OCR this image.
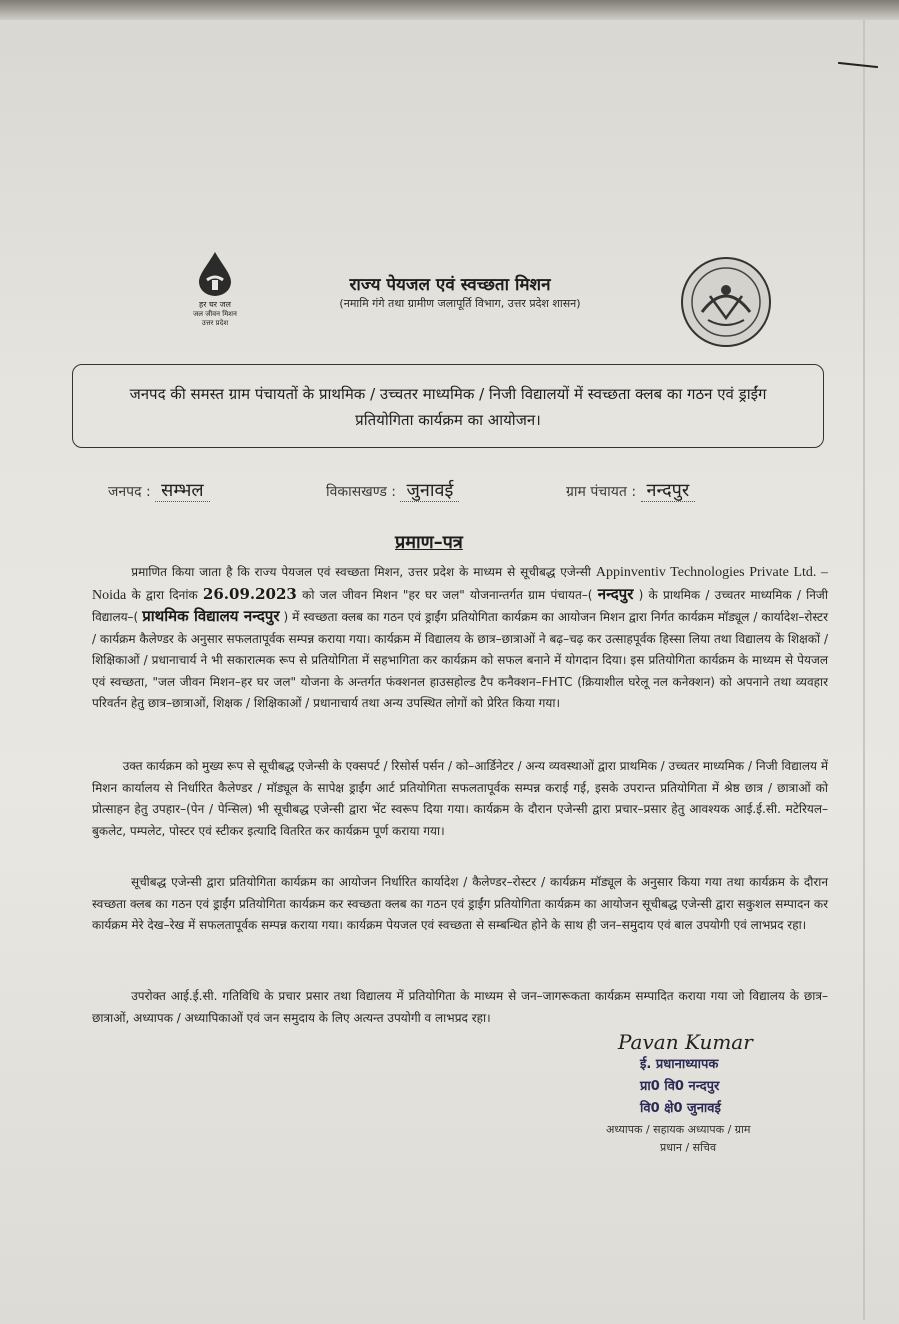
हर घर जल
जल जीवन मिशन
उत्तर प्रदेश
राज्य पेयजल एवं स्वच्छता मिशन
(नमामि गंगे तथा ग्रामीण जलापूर्ति विभाग, उत्तर प्रदेश शासन)
जनपद की समस्त ग्राम पंचायतों के प्राथमिक / उच्चतर माध्यमिक / निजी विद्यालयों में स्वच्छता क्लब का गठन एवं ड्राईंग प्रतियोगिता कार्यक्रम का आयोजन।
जनपद : सम्भल	विकासखण्ड : जुनावई	ग्राम पंचायत : नन्दपुर
प्रमाण–पत्र
प्रमाणित किया जाता है कि राज्य पेयजल एवं स्वच्छता मिशन, उत्तर प्रदेश के माध्यम से सूचीबद्ध एजेन्सी Appinventiv Technologies Private Ltd. – Noida के द्वारा दिनांक 26.09.2023 को जल जीवन मिशन "हर घर जल" योजनान्तर्गत ग्राम पंचायत–( नन्दपुर ) के प्राथमिक / उच्चतर माध्यमिक / निजी विद्यालय–( प्राथमिक विद्यालय नन्दपुर ) में स्वच्छता क्लब का गठन एवं ड्राईंग प्रतियोगिता कार्यक्रम का आयोजन मिशन द्वारा निर्गत कार्यक्रम मॉड्यूल / कार्यादेश–रोस्टर / कार्यक्रम कैलेण्डर के अनुसार सफलतापूर्वक सम्पन्न कराया गया। कार्यक्रम में विद्यालय के छात्र–छात्राओं ने बढ़–चढ़ कर उत्साहपूर्वक हिस्सा लिया तथा विद्यालय के शिक्षकों / शिक्षिकाओं / प्रधानाचार्य ने भी सकारात्मक रूप से प्रतियोगिता में सहभागिता कर कार्यक्रम को सफल बनाने में योगदान दिया। इस प्रतियोगिता कार्यक्रम के माध्यम से पेयजल एवं स्वच्छता, "जल जीवन मिशन–हर घर जल" योजना के अन्तर्गत फंक्शनल हाउसहोल्ड टैप कनैक्शन–FHTC (क्रियाशील घरेलू नल कनेक्शन) को अपनाने तथा व्यवहार परिवर्तन हेतु छात्र–छात्राओं, शिक्षक / शिक्षिकाओं / प्रधानाचार्य तथा अन्य उपस्थित लोगों को प्रेरित किया गया।
उक्त कार्यक्रम को मुख्य रूप से सूचीबद्ध एजेन्सी के एक्सपर्ट / रिसोर्स पर्सन / को–आर्डिनेटर / अन्य व्यवस्थाओं द्वारा प्राथमिक / उच्चतर माध्यमिक / निजी विद्यालय में मिशन कार्यालय से निर्धारित कैलेण्डर / मॉड्यूल के सापेक्ष ड्राईंग आर्ट प्रतियोगिता सफलतापूर्वक सम्पन्न कराई गई, इसके उपरान्त प्रतियोगिता में श्रेष्ठ छात्र / छात्राओं को प्रोत्साहन हेतु उपहार–(पेन / पेन्सिल) भी सूचीबद्ध एजेन्सी द्वारा भेंट स्वरूप दिया गया। कार्यक्रम के दौरान एजेन्सी द्वारा प्रचार–प्रसार हेतु आवश्यक आई.ई.सी. मटेरियल–बुकलेट, पम्पलेट, पोस्टर एवं स्टीकर इत्यादि वितरित कर कार्यक्रम पूर्ण कराया गया।
सूचीबद्ध एजेन्सी द्वारा प्रतियोगिता कार्यक्रम का आयोजन निर्धारित कार्यादेश / कैलेण्डर–रोस्टर / कार्यक्रम मॉड्यूल के अनुसार किया गया तथा कार्यक्रम के दौरान स्वच्छता क्लब का गठन एवं ड्राईंग प्रतियोगिता कार्यक्रम कर स्वच्छता क्लब का गठन एवं ड्राईंग प्रतियोगिता कार्यक्रम का आयोजन सूचीबद्ध एजेन्सी द्वारा सकुशल सम्पादन कर कार्यक्रम मेरे देख–रेख में सफलतापूर्वक सम्पन्न कराया गया। कार्यक्रम पेयजल एवं स्वच्छता से सम्बन्धित होने के साथ ही जन–समुदाय एवं बाल उपयोगी एवं लाभप्रद रहा।
उपरोक्त आई.ई.सी. गतिविधि के प्रचार प्रसार तथा विद्यालय में प्रतियोगिता के माध्यम से जन–जागरूकता कार्यक्रम सम्पादित कराया गया जो विद्यालय के छात्र–छात्राओं, अध्यापक / अध्यापिकाओं एवं जन समुदाय के लिए अत्यन्त उपयोगी व लाभप्रद रहा।
Pavan Kumar
ई. प्रधानाध्यापक
प्रा0 वि0 नन्दपुर
वि0 क्षे0 जुनावई
अध्यापक / सहायक अध्यापक / ग्राम
प्रधान / सचिव
